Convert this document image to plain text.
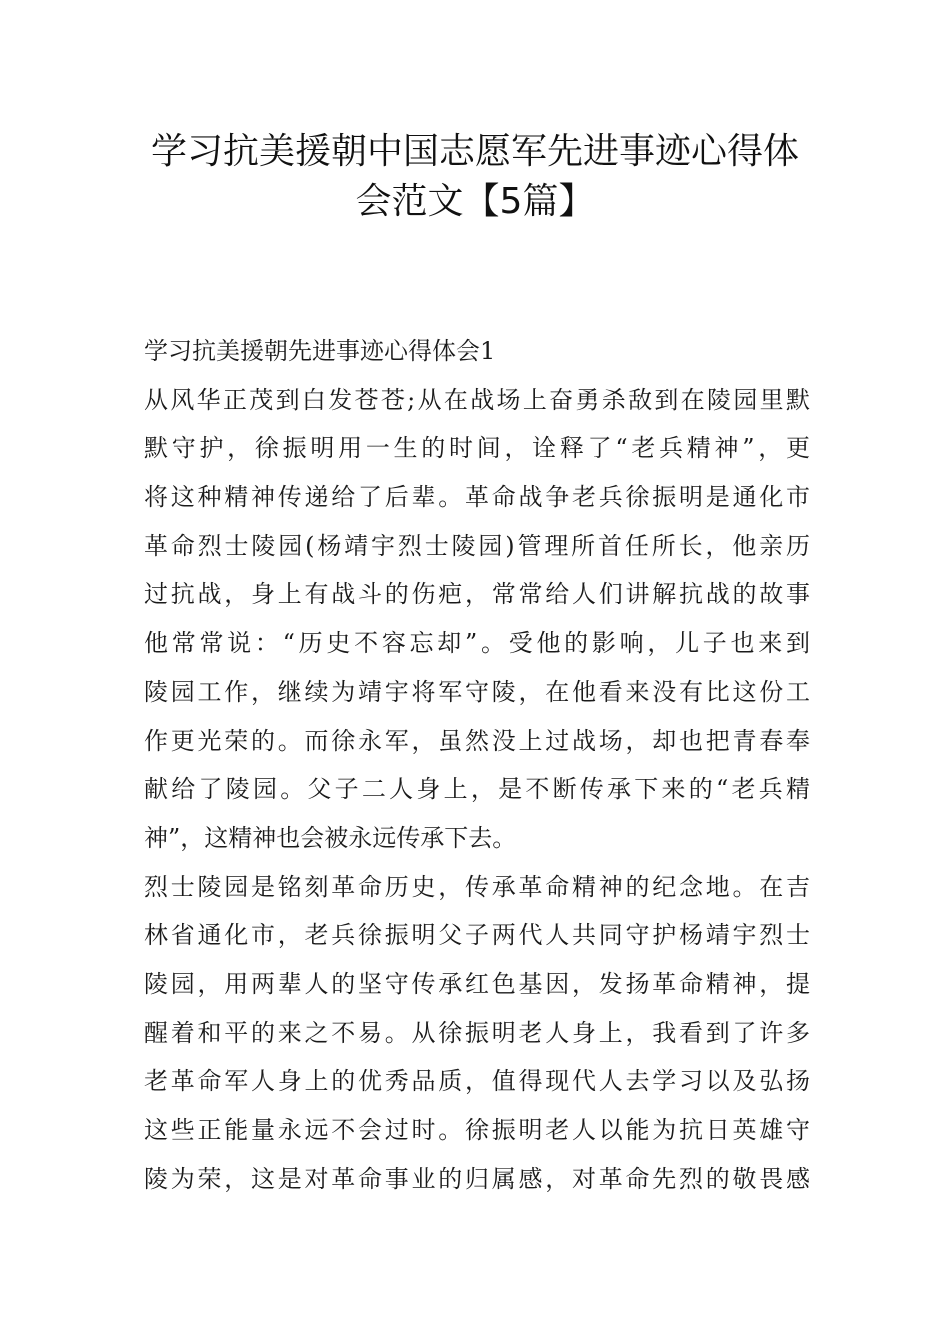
学习抗美援朝中国志愿军先进事迹心得体
会范文【5篇】
学习抗美援朝先进事迹心得体会1
从风华正茂到白发苍苍;从在战场上奋勇杀敌到在陵园里默
默守护，徐振明用一生的时间，诠释了“老兵精神”，更
将这种精神传递给了后辈。革命战争老兵徐振明是通化市
革命烈士陵园(杨靖宇烈士陵园)管理所首任所长，他亲历
过抗战，身上有战斗的伤疤，常常给人们讲解抗战的故事
他常常说：“历史不容忘却”。受他的影响，儿子也来到
陵园工作，继续为靖宇将军守陵，在他看来没有比这份工
作更光荣的。而徐永军，虽然没上过战场，却也把青春奉
献给了陵园。父子二人身上，是不断传承下来的“老兵精
神”，这精神也会被永远传承下去。
烈士陵园是铭刻革命历史，传承革命精神的纪念地。在吉
林省通化市，老兵徐振明父子两代人共同守护杨靖宇烈士
陵园，用两辈人的坚守传承红色基因，发扬革命精神，提
醒着和平的来之不易。从徐振明老人身上，我看到了许多
老革命军人身上的优秀品质，值得现代人去学习以及弘扬
这些正能量永远不会过时。徐振明老人以能为抗日英雄守
陵为荣，这是对革命事业的归属感，对革命先烈的敬畏感
